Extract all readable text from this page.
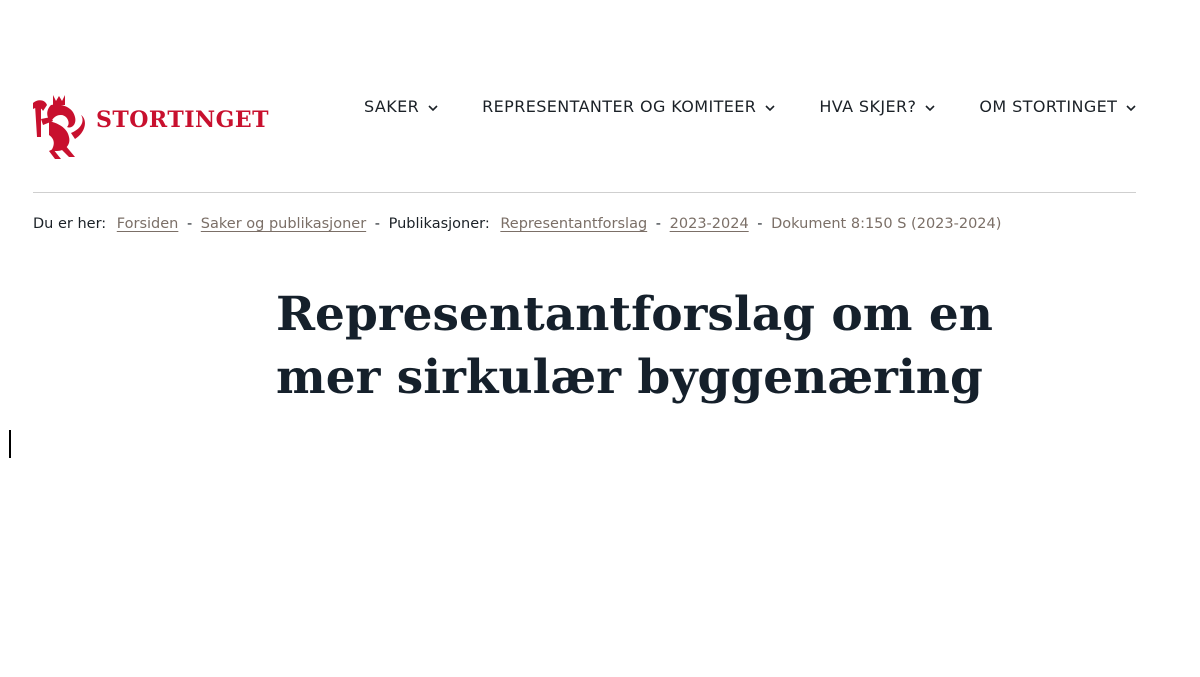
STORTINGET
SAKER	REPRESENTANTER OG KOMITEER	HVA SKJER?	OM STORTINGET
Du er her: Forsiden - Saker og publikasjoner - Publikasjoner: Representantforslag - 2023-2024 - Dokument 8:150 S (2023-2024)
Representantforslag om en mer sirkulær byggenæring
